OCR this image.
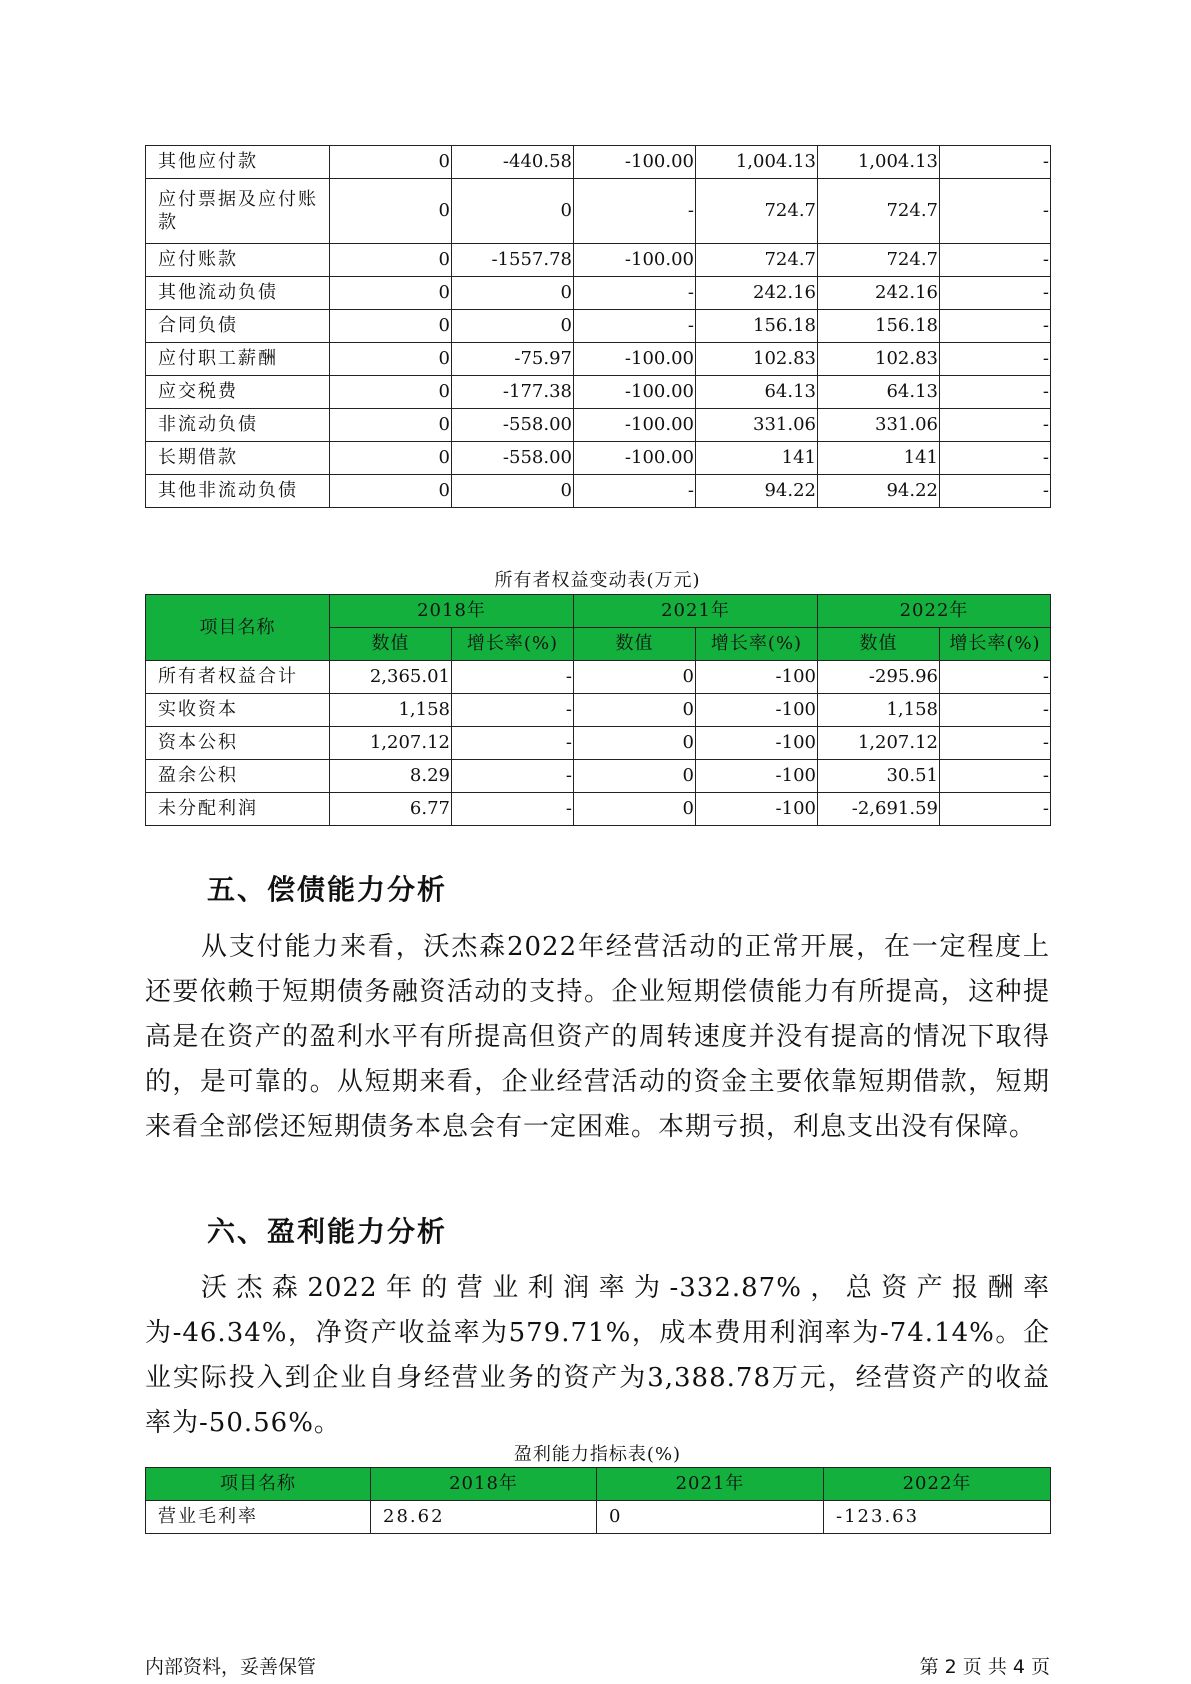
其他应付款	0	-440.58	-100.00	1,004.13	1,004.13	-
应付票据及应付账款	0	0	-	724.7	724.7	-
应付账款	0	-1557.78	-100.00	724.7	724.7	-
其他流动负债	0	0	-	242.16	242.16	-
合同负债	0	0	-	156.18	156.18	-
应付职工薪酬	0	-75.97	-100.00	102.83	102.83	-
应交税费	0	-177.38	-100.00	64.13	64.13	-
非流动负债	0	-558.00	-100.00	331.06	331.06	-
长期借款	0	-558.00	-100.00	141	141	-
其他非流动负债	0	0	-	94.22	94.22	-
所有者权益变动表(万元)
项目名称	2018年		2021年		2022年	
	数值	增长率(%)	数值	增长率(%)	数值	增长率(%)
所有者权益合计	2,365.01	-	0	-100	-295.96	-
实收资本	1,158	-	0	-100	1,158	-
资本公积	1,207.12	-	0	-100	1,207.12	-
盈余公积	8.29	-	0	-100	30.51	-
未分配利润	6.77	-	0	-100	-2,691.59	-
五、偿债能力分析

从支付能力来看，沃杰森2022年经营活动的正常开展，在一定程度上还要依赖于短期债务融资活动的支持。企业短期偿债能力有所提高，这种提高是在资产的盈利水平有所提高但资产的周转速度并没有提高的情况下取得的，是可靠的。从短期来看，企业经营活动的资金主要依靠短期借款，短期来看全部偿还短期债务本息会有一定困难。本期亏损，利息支出没有保障。

六、盈利能力分析

沃杰森2022年的营业利润率为-332.87%，总资产报酬率为-46.34%，净资产收益率为579.71%，成本费用利润率为-74.14%。企业实际投入到企业自身经营业务的资产为3,388.78万元，经营资产的收益率为-50.56%。

盈利能力指标表(%)
项目名称	2018年	2021年	2022年
营业毛利率	28.62	0	-123.63
内部资料，妥善保管	第 2 页 共 4 页
